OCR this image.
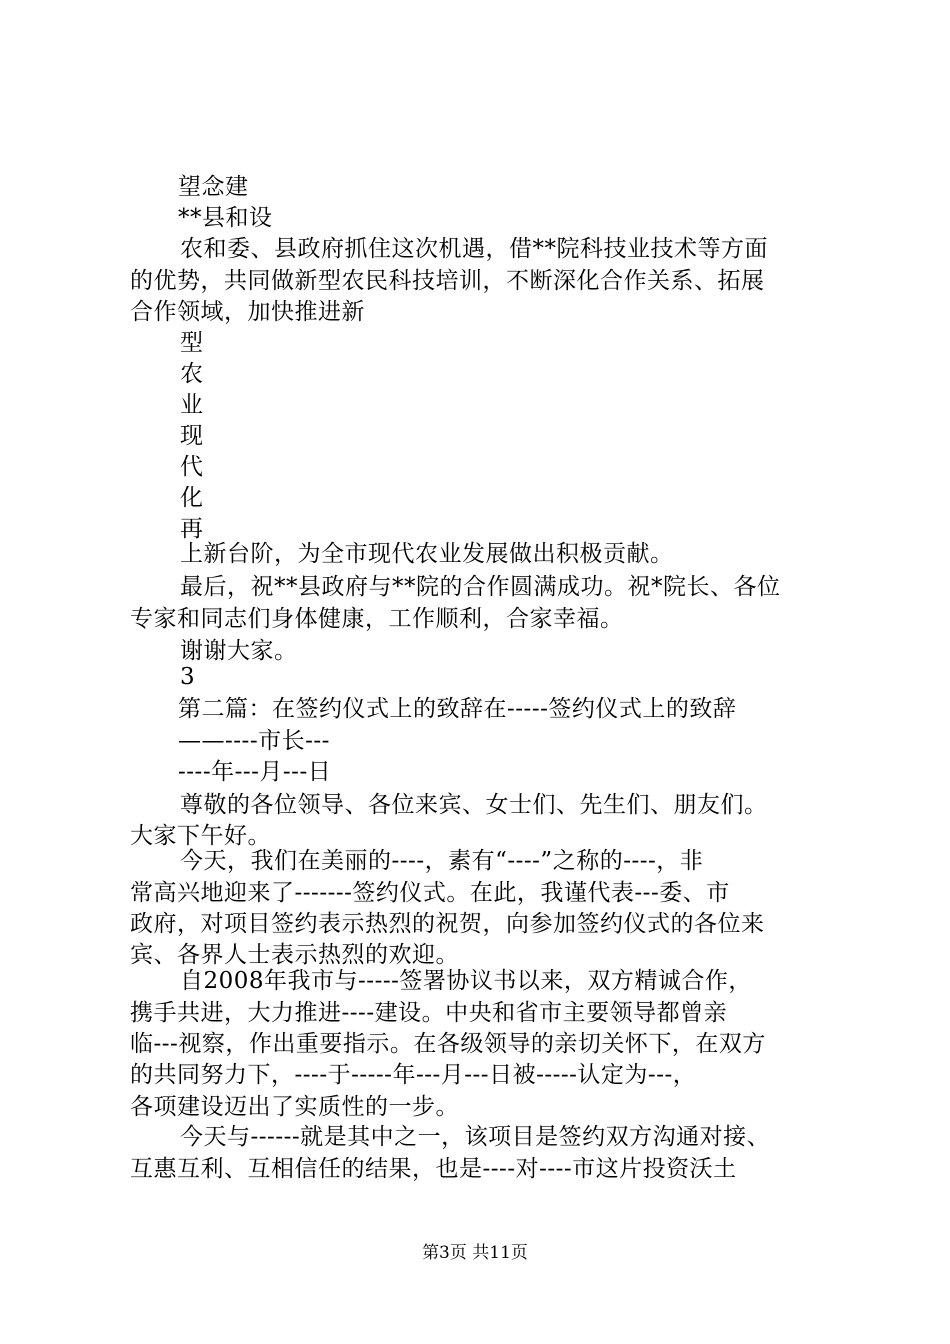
望念建
**县和设
农和委、县政府抓住这次机遇，借**院科技业技术等方面
的优势，共同做新型农民科技培训，不断深化合作关系、拓展
合作领域，加快推进新
型
农
业
现
代
化
再
上新台阶，为全市现代农业发展做出积极贡献。
最后，祝**县政府与**院的合作圆满成功。祝*院长、各位
专家和同志们身体健康，工作顺利，合家幸福。
谢谢大家。
3
第二篇：在签约仪式上的致辞在-----签约仪式上的致辞
——----市长---
----年---月---日
尊敬的各位领导、各位来宾、女士们、先生们、朋友们。
大家下午好。
今天，我们在美丽的----，素有“----”之称的----，非
常高兴地迎来了-------签约仪式。在此，我谨代表---委、市
政府，对项目签约表示热烈的祝贺，向参加签约仪式的各位来
宾、各界人士表示热烈的欢迎。
自2008年我市与-----签署协议书以来，双方精诚合作，
携手共进，大力推进----建设。中央和省市主要领导都曾亲
临---视察，作出重要指示。在各级领导的亲切关怀下，在双方
的共同努力下，----于-----年---月---日被-----认定为---，
各项建设迈出了实质性的一步。
今天与------就是其中之一，该项目是签约双方沟通对接、
互惠互利、互相信任的结果，也是----对----市这片投资沃土
第3页 共11页
